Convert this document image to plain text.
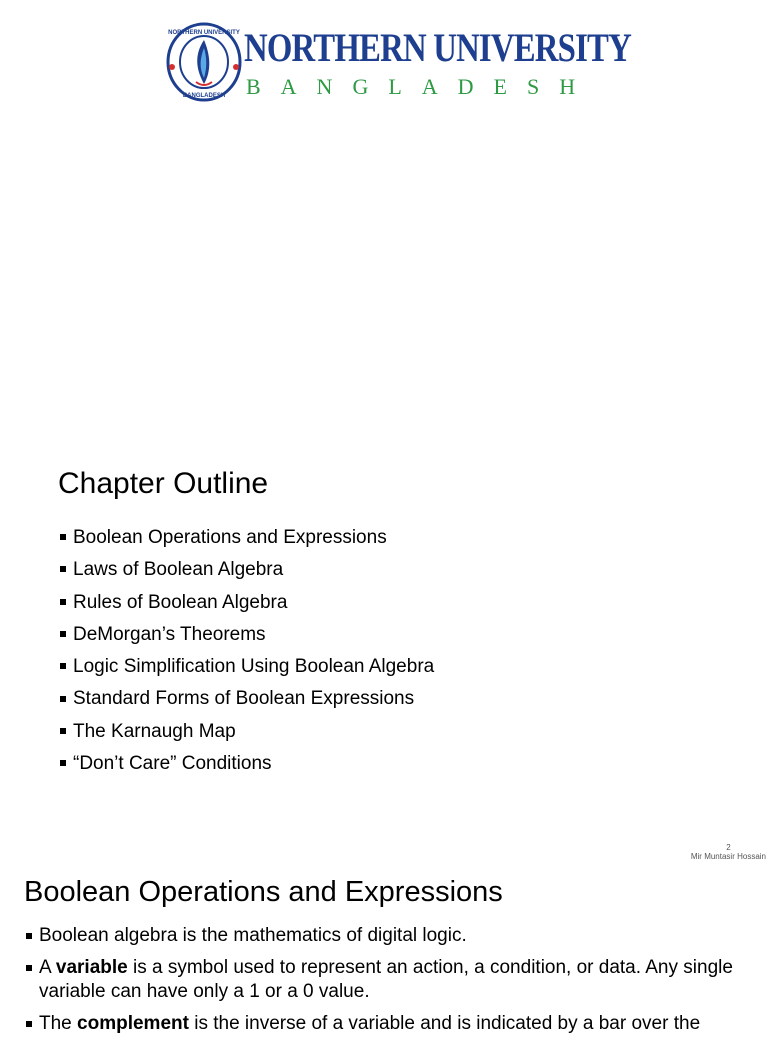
NORTHERN UNIVERSITY
BANGLADESH
NORTHERN UNIVERSITY
BANGLADESH
Chapter Outline
Boolean Operations and Expressions
Laws of Boolean Algebra
Rules of Boolean Algebra
DeMorgan’s Theorems
Logic Simplification Using Boolean Algebra
Standard Forms of Boolean Expressions
The Karnaugh Map
“Don’t Care” Conditions
2
Mir Muntasir Hossain
Boolean Operations and Expressions
Boolean algebra is the mathematics of digital logic.
A variable is a symbol used to represent an action, a condition, or data. Any single variable can have only a 1 or a 0 value.
The complement is the inverse of a variable and is indicated by a bar over the
